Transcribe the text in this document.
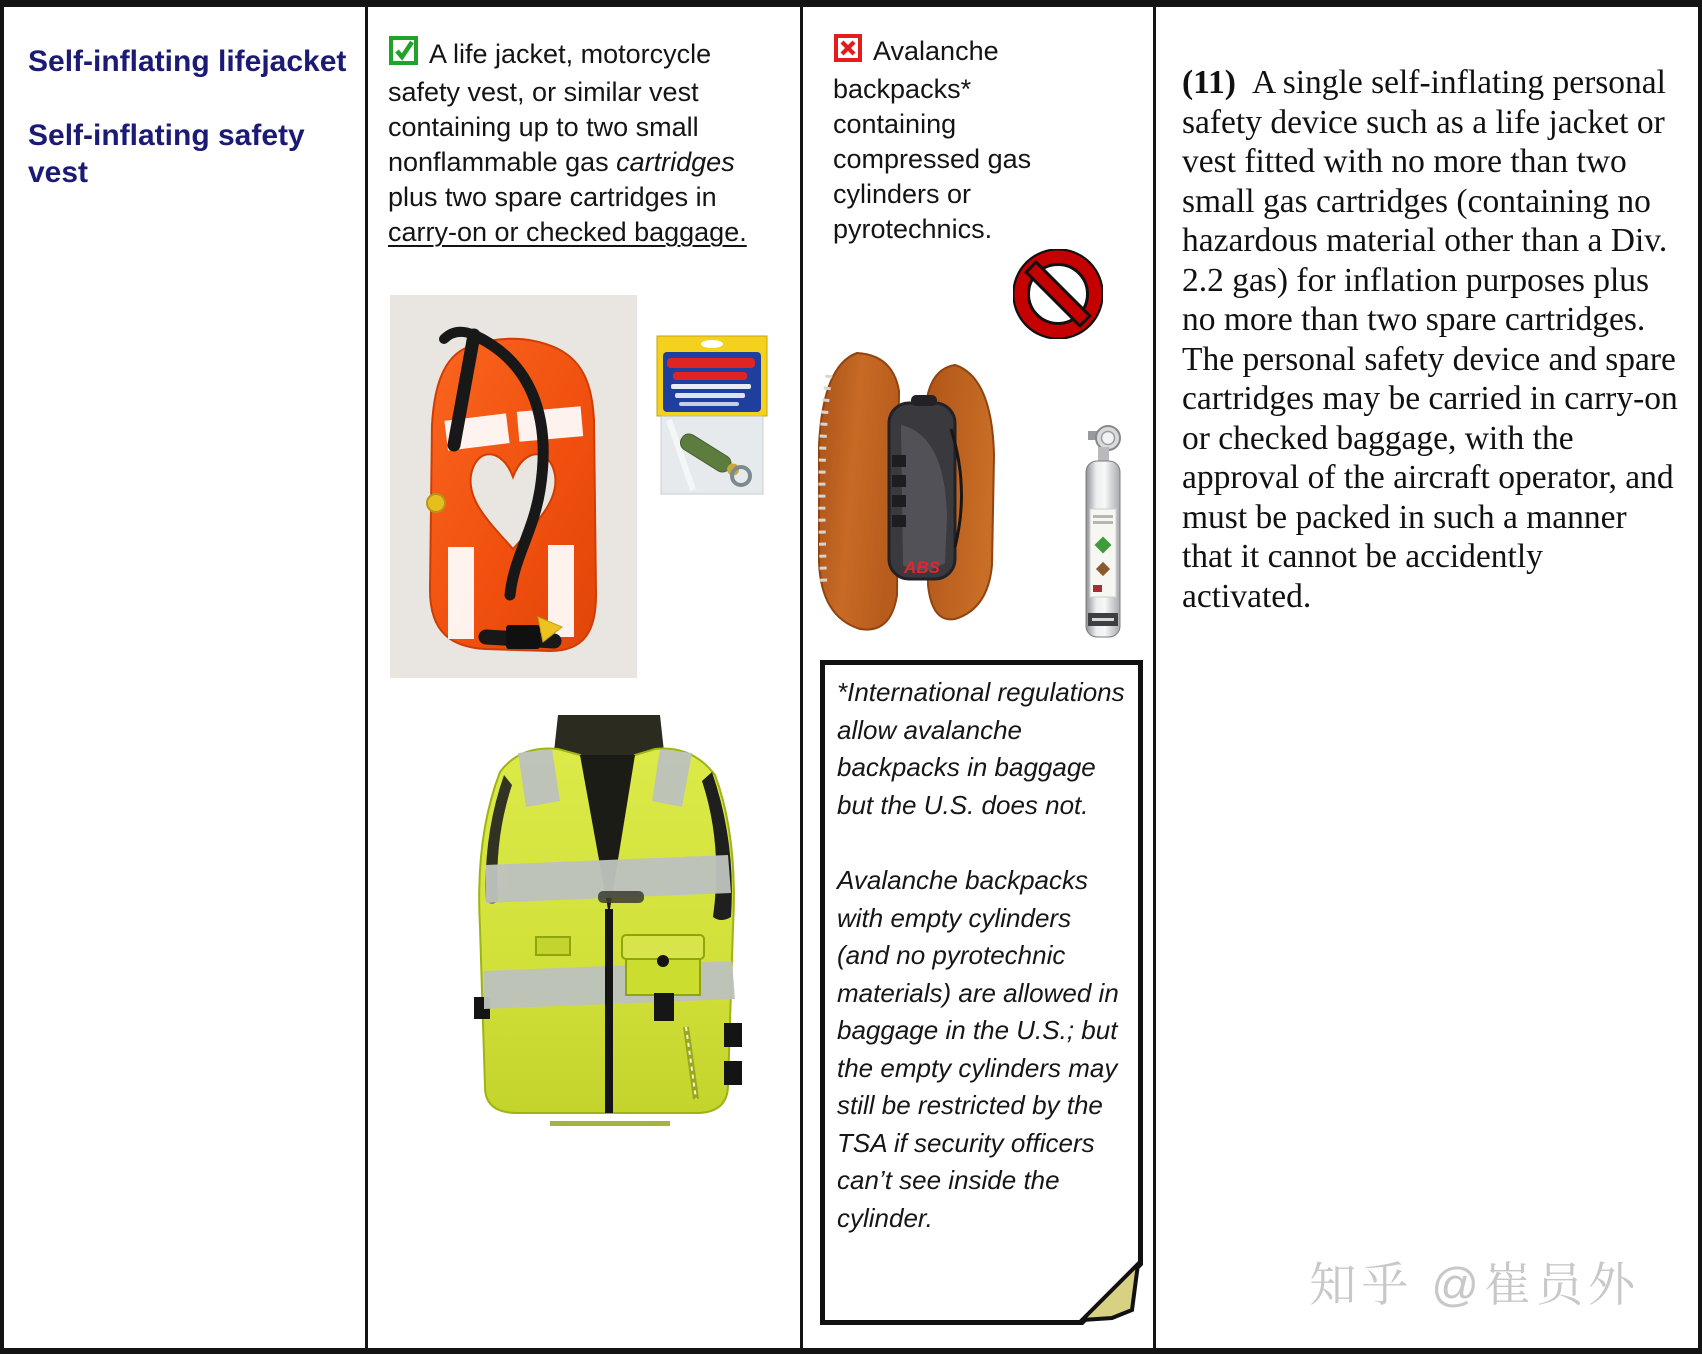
Self-inflating lifejacket

Self-inflating safety vest

A life jacket, motorcycle safety vest, or similar vest containing up to two small nonflammable gas cartridges plus two spare cartridges in carry-on or checked baggage.

Avalanche backpacks* containing compressed gas cylinders or pyrotechnics.

ABS

*International regulations allow avalanche backpacks in baggage but the U.S. does not.

Avalanche backpacks with empty cylinders (and no pyrotechnic materials) are allowed in baggage in the U.S.; but the empty cylinders may still be restricted by the TSA if security officers can’t see inside the cylinder.

(11) A single self-inflating personal safety device such as a life jacket or vest fitted with no more than two small gas cartridges (containing no hazardous material other than a Div. 2.2 gas) for inflation purposes plus no more than two spare cartridges. The personal safety device and spare cartridges may be carried in carry-on or checked baggage, with the approval of the aircraft operator, and must be packed in such a manner that it cannot be accidently activated.

知乎 @崔员外
